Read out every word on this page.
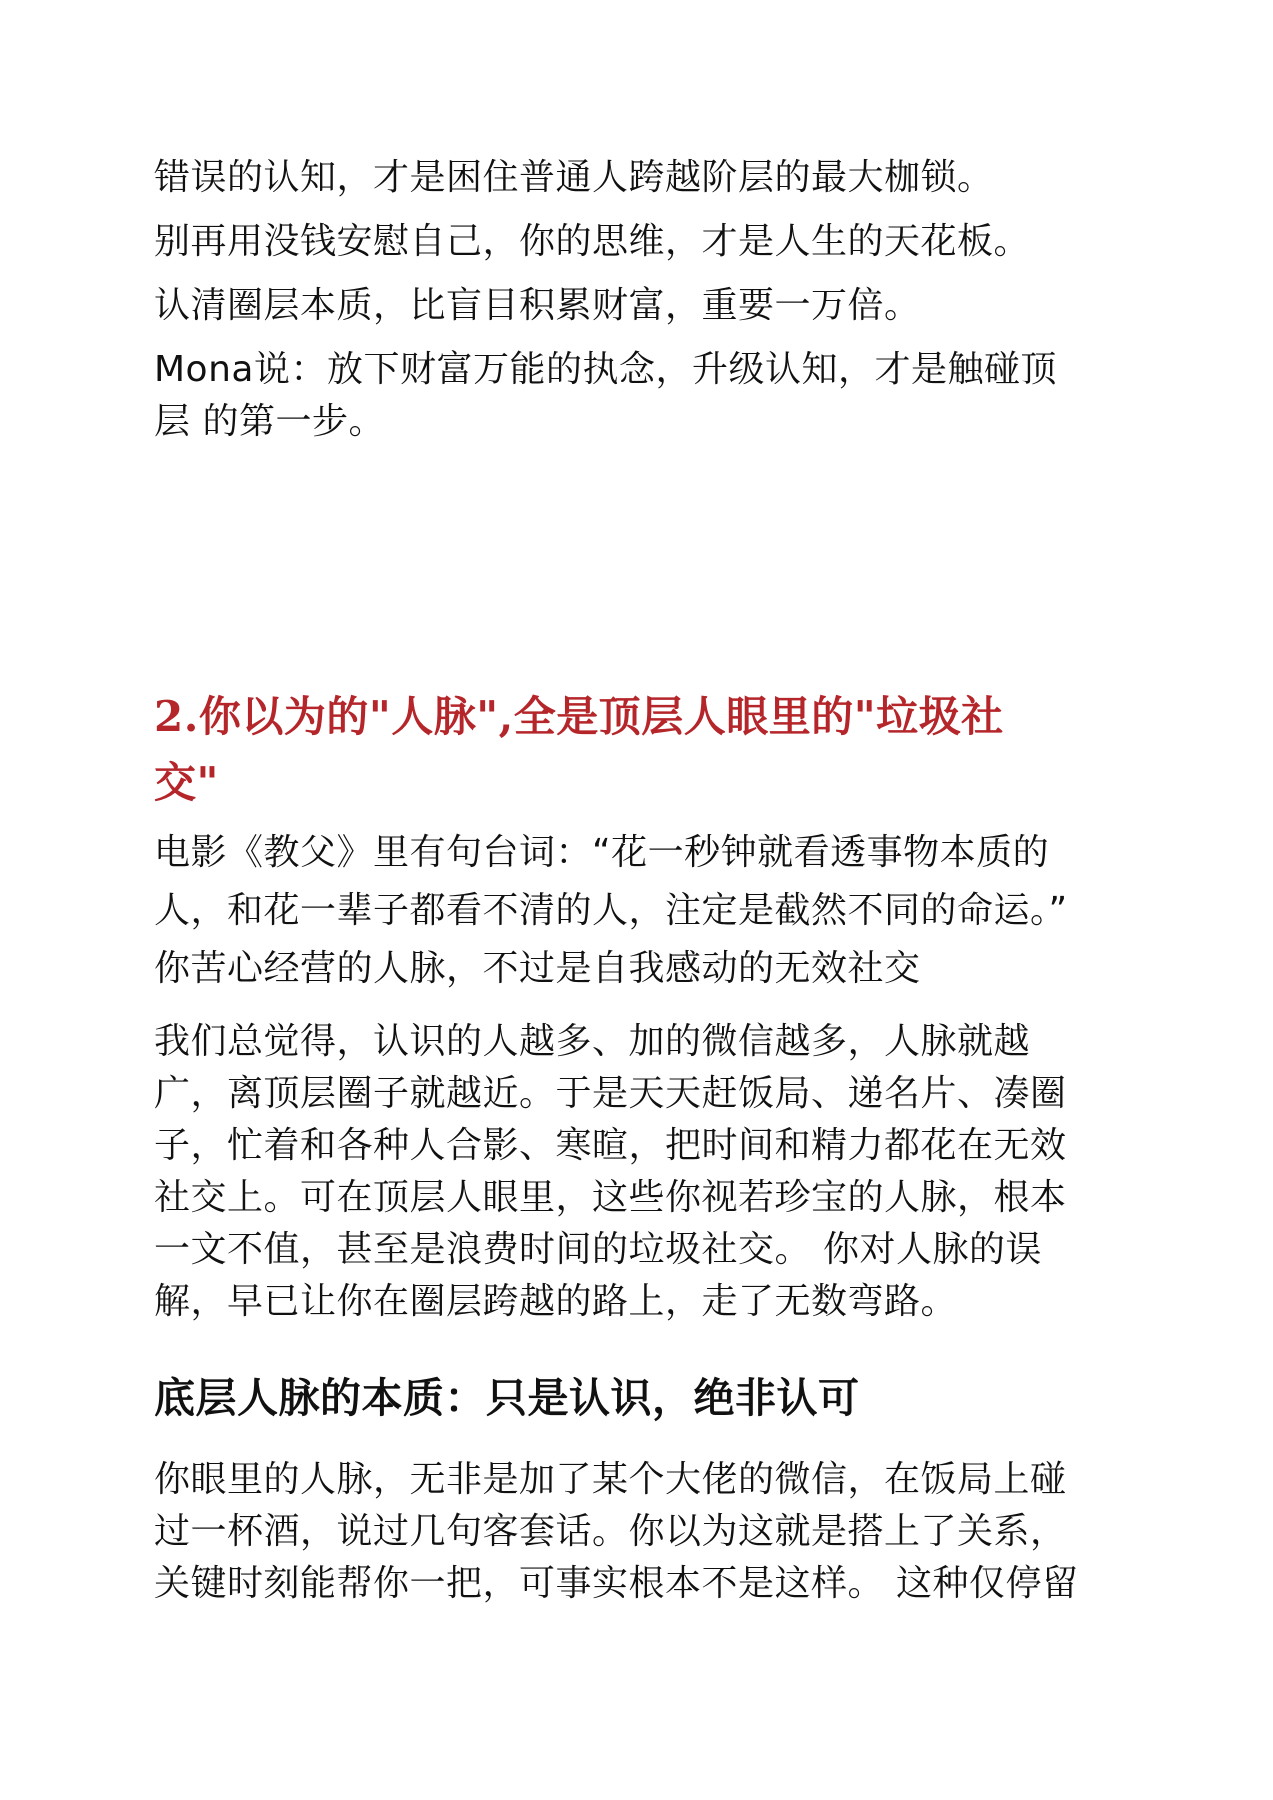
错误的认知，才是困住普通人跨越阶层的最大枷锁。

别再用没钱安慰自己，你的思维，才是人生的天花板。

认清圈层本质，比盲目积累财富，重要一万倍。

Mona说：放下财富万能的执念，升级认知，才是触碰顶
层 的第一步。

2.你以为的"人脉",全是顶层人眼里的"垃圾社
交"

电影《教父》里有句台词：“花一秒钟就看透事物本质的
人，和花一辈子都看不清的人，注定是截然不同的命运。”
你苦心经营的人脉，不过是自我感动的无效社交

我们总觉得，认识的人越多、加的微信越多，人脉就越
广，离顶层圈子就越近。于是天天赶饭局、递名片、凑圈
子，忙着和各种人合影、寒暄，把时间和精力都花在无效
社交上。可在顶层人眼里，这些你视若珍宝的人脉，根本
一文不值，甚至是浪费时间的垃圾社交。 你对人脉的误
解，早已让你在圈层跨越的路上，走了无数弯路。

底层人脉的本质：只是认识，绝非认可

你眼里的人脉，无非是加了某个大佬的微信，在饭局上碰
过一杯酒，说过几句客套话。你以为这就是搭上了关系，
关键时刻能帮你一把，可事实根本不是这样。 这种仅停留
